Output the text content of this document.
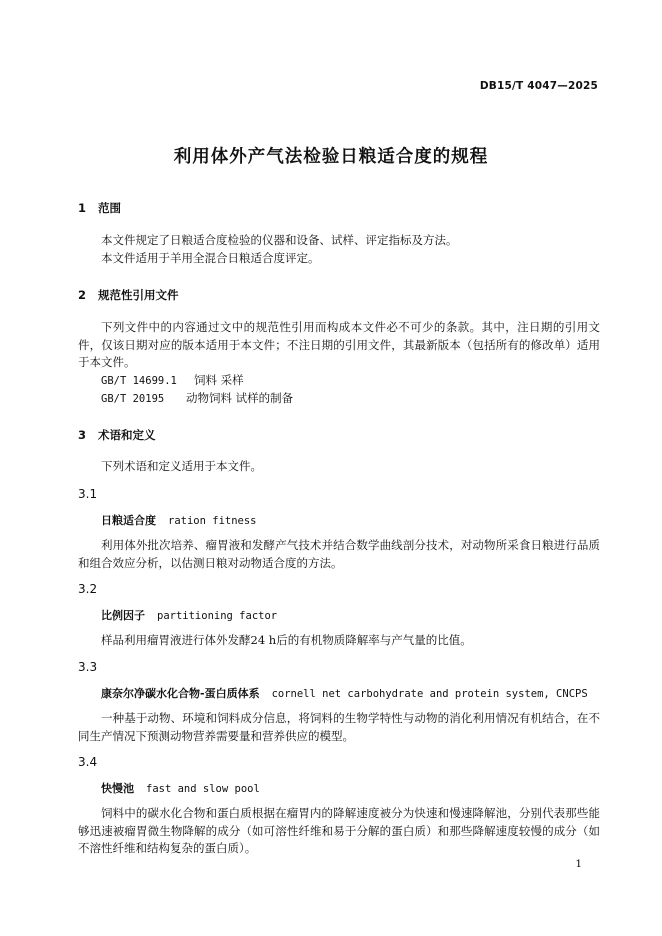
DB15/T 4047—2025
利用体外产气法检验日粮适合度的规程
1 范围
本文件规定了日粮适合度检验的仪器和设备、试样、评定指标及方法。
本文件适用于羊用全混合日粮适合度评定。
2 规范性引用文件
下列文件中的内容通过文中的规范性引用而构成本文件必不可少的条款。其中，注日期的引用文件，仅该日期对应的版本适用于本文件；不注日期的引用文件，其最新版本（包括所有的修改单）适用于本文件。
GB/T 14699.1 饲料 采样
GB/T 20195 动物饲料 试样的制备
3 术语和定义
下列术语和定义适用于本文件。
3.1
日粮适合度 ration fitness
利用体外批次培养、瘤胃液和发酵产气技术并结合数学曲线剖分技术，对动物所采食日粮进行品质和组合效应分析，以估测日粮对动物适合度的方法。
3.2
比例因子 partitioning factor
样品利用瘤胃液进行体外发酵24 h后的有机物质降解率与产气量的比值。
3.3
康奈尔净碳水化合物-蛋白质体系 cornell net carbohydrate and protein system, CNCPS
一种基于动物、环境和饲料成分信息，将饲料的生物学特性与动物的消化利用情况有机结合，在不同生产情况下预测动物营养需要量和营养供应的模型。
3.4
快慢池 fast and slow pool
饲料中的碳水化合物和蛋白质根据在瘤胃内的降解速度被分为快速和慢速降解池，分别代表那些能够迅速被瘤胃微生物降解的成分（如可溶性纤维和易于分解的蛋白质）和那些降解速度较慢的成分（如不溶性纤维和结构复杂的蛋白质）。
1
